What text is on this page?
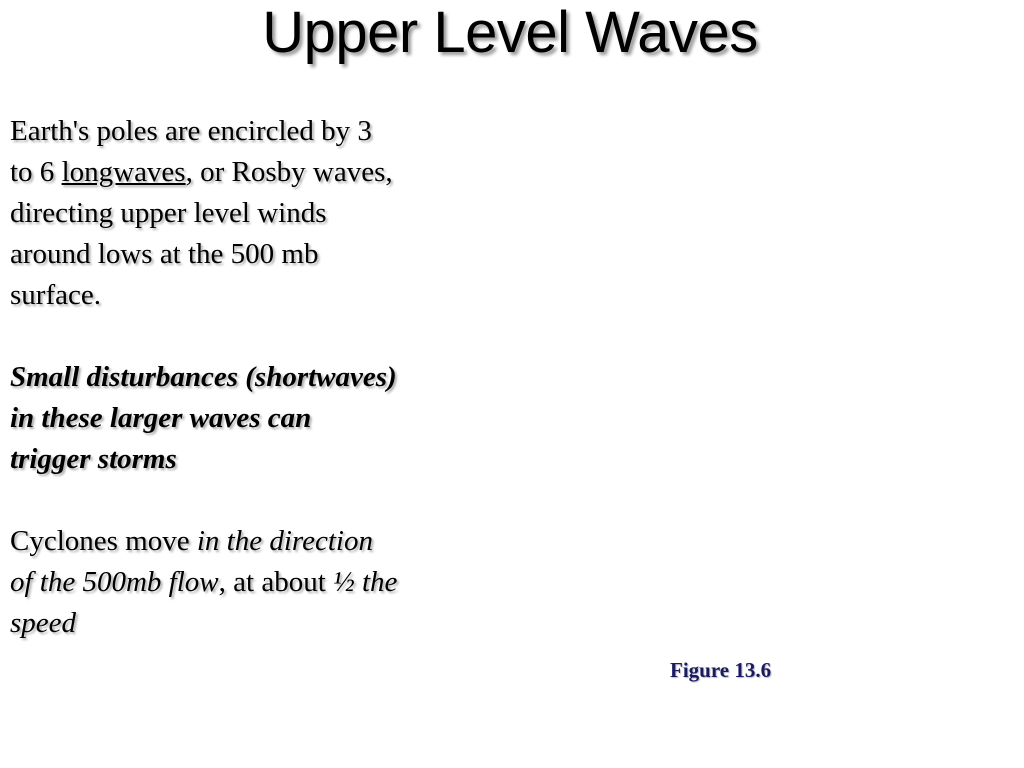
Upper Level Waves

Earth's poles are encircled by 3
to 6 longwaves, or Rosby waves,
directing upper level winds
around lows at the 500 mb
surface.

Small disturbances (shortwaves)
in these larger waves can
trigger storms

Cyclones move in the direction
of the 500mb flow, at about ½ the
speed

Figure 13.6
